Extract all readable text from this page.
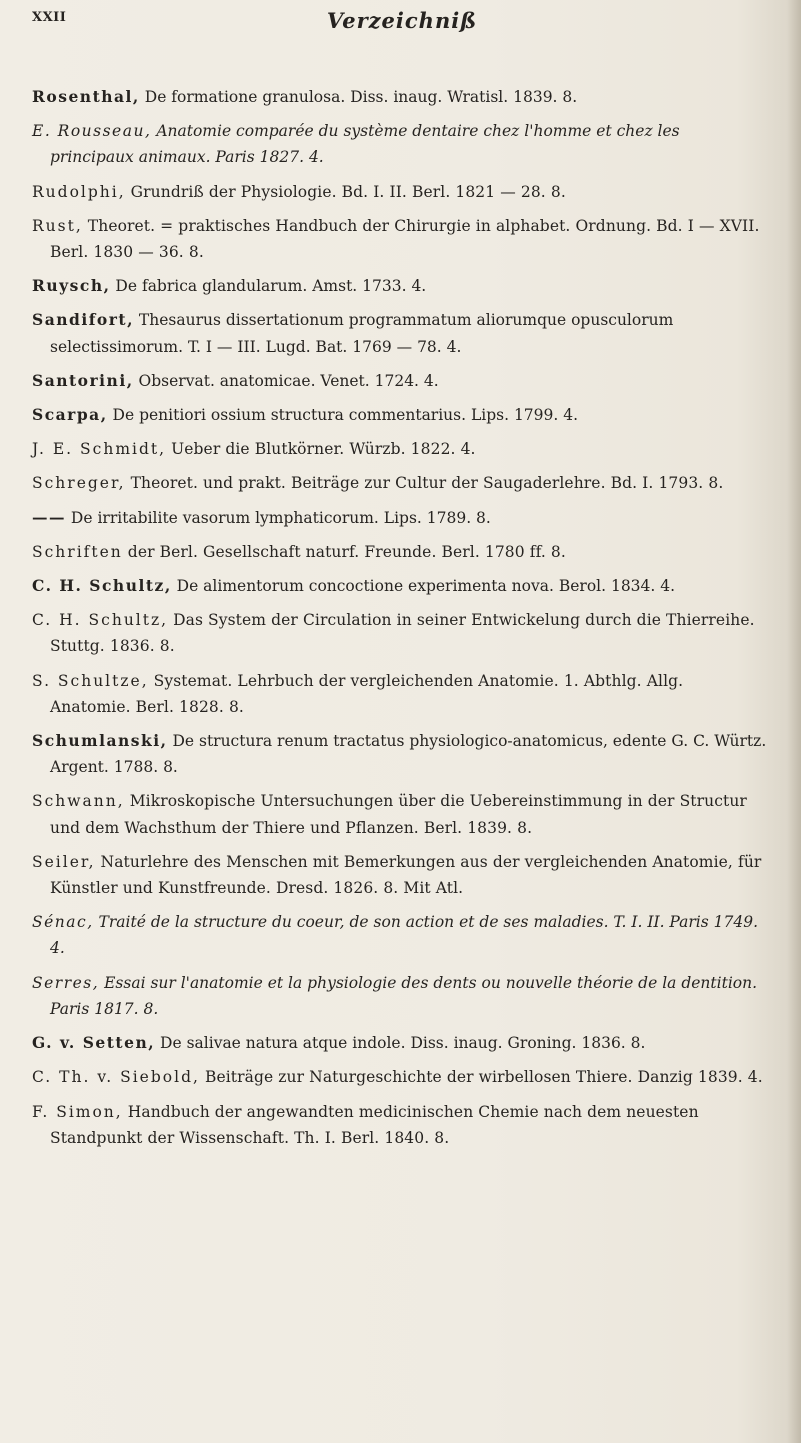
XXII	Verzeichniß

Rosenthal, De formatione granulosa. Diss. inaug. Wratisl. 1839. 8.

E. Rousseau, Anatomie comparée du système dentaire chez l'homme et chez les principaux animaux. Paris 1827. 4.

Rudolphi, Grundriß der Physiologie. Bd. I. II. Berl. 1821 — 28. 8.

Rust, Theoret. = praktisches Handbuch der Chirurgie in alphabet. Ordnung. Bd. I — XVII. Berl. 1830 — 36. 8.

Ruysch, De fabrica glandularum. Amst. 1733. 4.

Sandifort, Thesaurus dissertationum programmatum aliorumque opusculorum selectissimorum. T. I — III. Lugd. Bat. 1769 — 78. 4.

Santorini, Observat. anatomicae. Venet. 1724. 4.

Scarpa, De penitiori ossium structura commentarius. Lips. 1799. 4.

J. E. Schmidt, Ueber die Blutkörner. Würzb. 1822. 4.

Schreger, Theoret. und prakt. Beiträge zur Cultur der Saugaderlehre. Bd. I. 1793. 8.

—— De irritabilite vasorum lymphaticorum. Lips. 1789. 8.

Schriften der Berl. Gesellschaft naturf. Freunde. Berl. 1780 ff. 8.

C. H. Schultz, De alimentorum concoctione experimenta nova. Berol. 1834. 4.

C. H. Schultz, Das System der Circulation in seiner Entwickelung durch die Thierreihe. Stuttg. 1836. 8.

S. Schultze, Systemat. Lehrbuch der vergleichenden Anatomie. 1. Abthlg. Allg. Anatomie. Berl. 1828. 8.

Schumlanski, De structura renum tractatus physiologico-anatomicus, edente G. C. Würtz. Argent. 1788. 8.

Schwann, Mikroskopische Untersuchungen über die Uebereinstimmung in der Structur und dem Wachsthum der Thiere und Pflanzen. Berl. 1839. 8.

Seiler, Naturlehre des Menschen mit Bemerkungen aus der vergleichenden Anatomie, für Künstler und Kunstfreunde. Dresd. 1826. 8. Mit Atl.

Sénac, Traité de la structure du coeur, de son action et de ses maladies. T. I. II. Paris 1749. 4.

Serres, Essai sur l'anatomie et la physiologie des dents ou nouvelle théorie de la dentition. Paris 1817. 8.

G. v. Setten, De salivae natura atque indole. Diss. inaug. Groning. 1836. 8.

C. Th. v. Siebold, Beiträge zur Naturgeschichte der wirbellosen Thiere. Danzig 1839. 4.

F. Simon, Handbuch der angewandten medicinischen Chemie nach dem neuesten Standpunkt der Wissenschaft. Th. I. Berl. 1840. 8.
